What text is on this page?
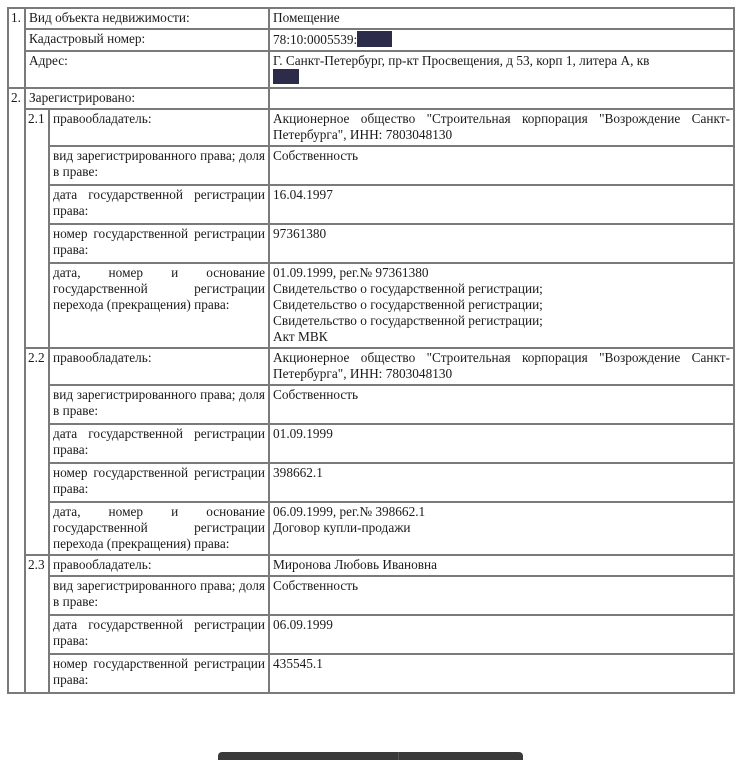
1.	Вид объекта недвижимости:		Помещение
	Кадастровый номер:		78:10:0005539:
	Адрес:		Г. Санкт-Петербург, пр-кт Просвещения, д 53, корп 1, литера А, кв

2.	Зарегистрировано:		
	2.1	правообладатель:	Акционерное общество "Строительная корпорация "Возрождение Санкт-Петербурга", ИНН: 7803048130
		вид зарегистрированного права; доля в праве:	Собственность
		дата государственной регистрации права:	16.04.1997
		номер государственной регистрации права:	97361380
		дата, номер и основание государственной регистрации перехода (прекращения) права:	01.09.1999, рег.№ 97361380
Свидетельство о государственной регистрации;
Свидетельство о государственной регистрации;
Свидетельство о государственной регистрации;
Акт МВК

	2.2	правообладатель:	Акционерное общество "Строительная корпорация "Возрождение Санкт-Петербурга", ИНН: 7803048130
		вид зарегистрированного права; доля в праве:	Собственность
		дата государственной регистрации права:	01.09.1999
		номер государственной регистрации права:	398662.1
		дата, номер и основание государственной регистрации перехода (прекращения) права:	06.09.1999, рег.№ 398662.1
Договор купли-продажи

	2.3	правообладатель:	Миронова Любовь Ивановна
		вид зарегистрированного права; доля в праве:	Собственность
		дата государственной регистрации права:	06.09.1999
		номер государственной регистрации права:	435545.1
